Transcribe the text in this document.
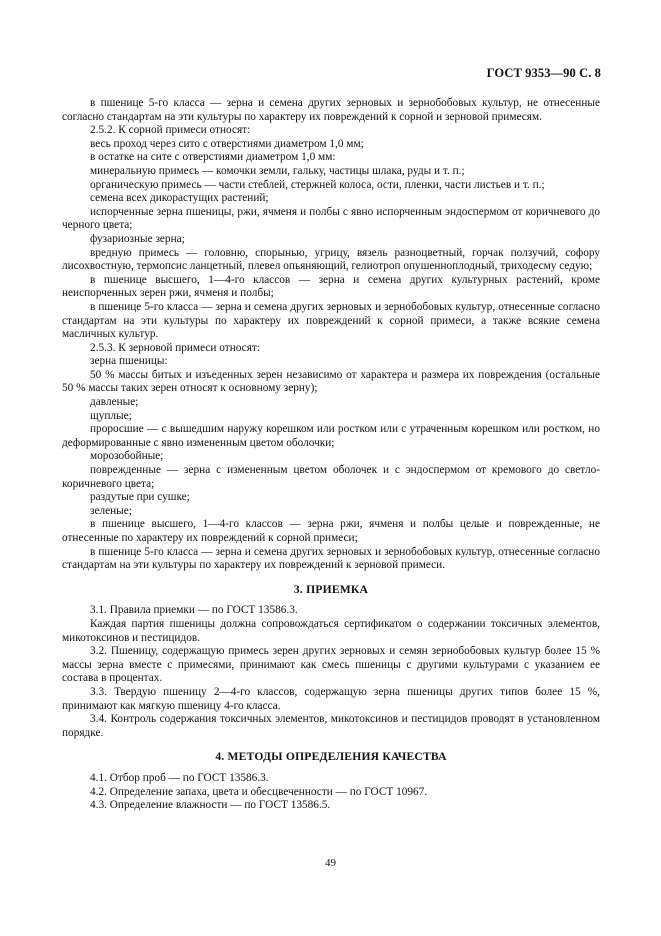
ГОСТ 9353—90 С. 8

в пшенице 5-го класса — зерна и семена других зерновых и зернобобовых культур, не отнесенные согласно стандартам на эти культуры по характеру их повреждений к сорной и зерновой примесям.

2.5.2. К сорной примеси относят:

весь проход через сито с отверстиями диаметром 1,0 мм;

в остатке на сите с отверстиями диаметром 1,0 мм:

минеральную примесь — комочки земли, гальку, частицы шлака, руды и т. п.;

органическую примесь — части стеблей, стержней колоса, ости, пленки, части листьев и т. п.;

семена всех дикорастущих растений;

испорченные зерна пшеницы, ржи, ячменя и полбы с явно испорченным эндоспермом от коричневого до черного цвета;

фузариозные зерна;

вредную примесь — головню, спорынью, угрицу, вязель разноцветный, горчак ползучий, софору лисохвостную, термопсис ланцетный, плевел опьяняющий, гелиотроп опушенноплодный, триходесму седую;

в пшенице высшего, 1—4-го классов — зерна и семена других культурных растений, кроме неиспорченных зерен ржи, ячменя и полбы;

в пшенице 5-го класса — зерна и семена других зерновых и зернобобовых культур, отнесенные согласно стандартам на эти культуры по характеру их повреждений к сорной примеси, а также всякие семена масличных культур.

2.5.3. К зерновой примеси относят:

зерна пшеницы:

50 % массы битых и изъеденных зерен независимо от характера и размера их повреждения (остальные 50 % массы таких зерен относят к основному зерну);

давленые;

щуплые;

проросшие — с вышедшим наружу корешком или ростком или с утраченным корешком или ростком, но деформированные с явно измененным цветом оболочки;

морозобойные;

поврежденные — зерна с измененным цветом оболочек и с эндоспермом от кремового до светло-коричневого цвета;

раздутые при сушке;

зеленые;

в пшенице высшего, 1—4-го классов — зерна ржи, ячменя и полбы целые и поврежденные, не отнесенные по характеру их повреждений к сорной примеси;

в пшенице 5-го класса — зерна и семена других зерновых и зернобобовых культур, отнесенные согласно стандартам на эти культуры по характеру их повреждений к зерновой примеси.

3. ПРИЕМКА

3.1. Правила приемки — по ГОСТ 13586.3.

Каждая партия пшеницы должна сопровождаться сертификатом о содержании токсичных элементов, микотоксинов и пестицидов.

3.2. Пшеницу, содержащую примесь зерен других зерновых и семян зернобобовых культур более 15 % массы зерна вместе с примесями, принимают как смесь пшеницы с другими культурами с указанием ее состава в процентах.

3.3. Твердую пшеницу 2—4-го классов, содержащую зерна пшеницы других типов более 15 %, принимают как мягкую пшеницу 4-го класса.

3.4. Контроль содержания токсичных элементов, микотоксинов и пестицидов проводят в установленном порядке.

4. МЕТОДЫ ОПРЕДЕЛЕНИЯ КАЧЕСТВА

4.1. Отбор проб — по ГОСТ 13586.3.

4.2. Определение запаха, цвета и обесцвеченности — по ГОСТ 10967.

4.3. Определение влажности — по ГОСТ 13586.5.

49
